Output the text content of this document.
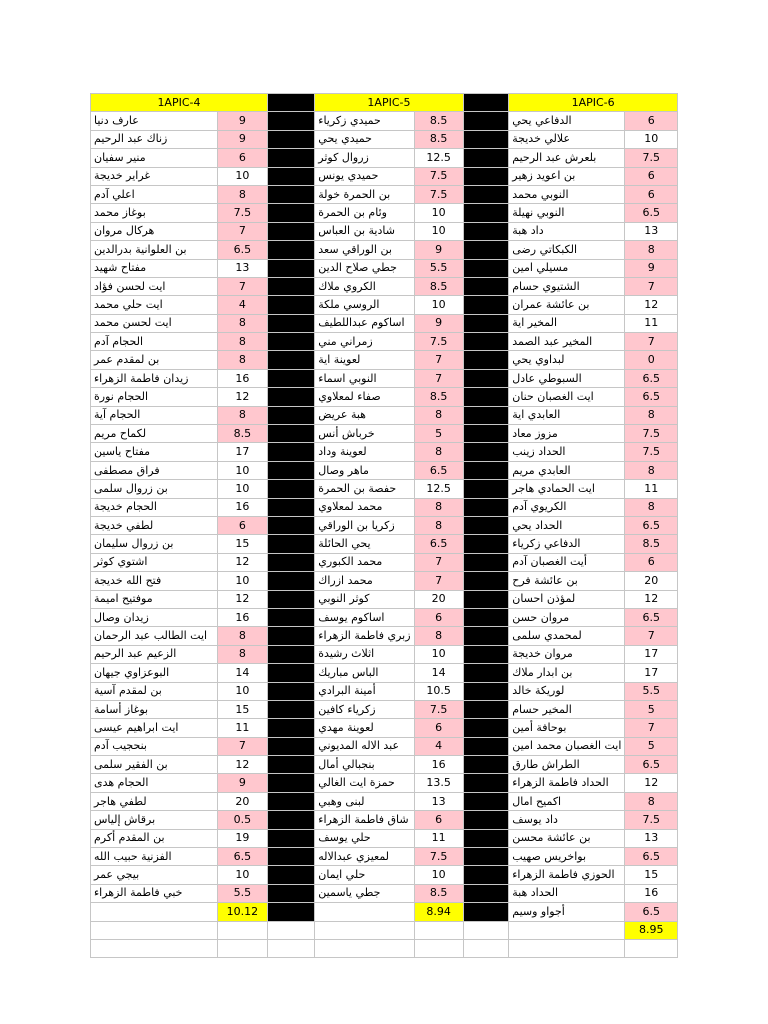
1APIC-4			1APIC-5			1APIC-6	
عارف دنيا	9		حميدي زكرياء	8.5		الدفاعي يحي	6
زناك عبد الرحيم	9		حميدي يحي	8.5		علالي خديجة	10
منير سفيان	6		زروال كوثر	12.5		بلعرش عبد الرحيم	7.5
غراير خديجة	10		حميدي يونس	7.5		بن اعويد زهير	6
اعلي آدم	8		بن الحمرة خولة	7.5		النوبي محمد	6
بوغاز محمد	7.5		وئام بن الحمرة	10		النوبي نهيلة	6.5
هركال مروان	7		شادية بن العباس	10		داد هبة	13
بن العلوانية بدرالدين	6.5		بن الوراقي سعد	9		الكبكاتي رضى	8
مفتاح شهيد	13		جطي صلاح الدين	5.5		مسيلي امين	9
ايت لحسن فؤاد	7		الكروي ملاك	8.5		الشتيوي حسام	7
ايت حلي محمد	4		الروسي ملكة	10		بن عائشة عمران	12
ايت لحسن محمد	8		اساكوم عبداللطيف	9		المخير اية	11
الحجام آدم	8		زمراني مني	7.5		المخير عبد الصمد	7
بن لمقدم عمر	8		لعوينة اية	7		لبداوي يحي	0
زيدان فاطمة الزهراء	16		النوبي اسماء	7		السبوطي عادل	6.5
الحجام نورة	12		صفاء لمعلاوي	8.5		ايت الغصبان حنان	6.5
الحجام آية	8		هبة عريض	8		العابدي اية	8
لكماح مريم	8.5		خرباش أنس	5		مزوز معاد	7.5
مفتاح ياسين	17		لعوينة وداد	8		الحداد زينب	7.5
فراق مصطفى	10		ماهر وصال	6.5		العابدي مريم	8
بن زروال سلمى	10		حفصة بن الحمرة	12.5		ايت الحمادي هاجر	11
الحجام خديجة	16		محمد لمعلاوي	8		الكريوي آدم	8
لطفي خديجة	6		زكريا بن الوراقي	8		الحداد يحي	6.5
بن زروال سليمان	15		يحي الحائلة	6.5		الدفاعي زكرياء	8.5
اشتوي كوثر	12		محمد الكبوري	7		أيت الغصبان آدم	6
فتح الله خديجة	10		محمد ازراك	7		بن عائشة فرح	20
موفتيح اميمة	12		كوثر النوبي	20		لمؤذن احسان	12
زيدان وصال	16		اساكوم يوسف	6		مروان حسن	6.5
ايت الطالب عبد الرحمان	8		زبري فاطمة الزهراء	8		لمحمدي سلمى	7
الزعيم عبد الرحيم	8		اثلاث رشيدة	10		مروان خديجة	17
البوعزاوي جيهان	14		الباس مباريك	14		بن ابدار ملاك	17
بن لمقدم آسية	10		أمينة البرادي	10.5		لوريكة خالد	5.5
بوغاز أسامة	15		زكرياء كافين	7.5		المخير حسام	5
ايت ابراهيم عيسى	11		لعوينة مهدي	6		بوحافة أمين	7
بنحجيب آدم	7		عبد الاله المديوني	4		ايت الغصبان محمد امين	5
بن الفقير سلمى	12		بنجبالي أمال	16		الطراش طارق	6.5
الحجام هدى	9		حمزة ايت الغالي	13.5		الحداد فاطمة الزهراء	12
لطفي هاجر	20		لبنى وهبي	13		اكميح امال	8
برقاش إلياس	0.5		شاق فاطمة الزهراء	6		داد يوسف	7.5
بن المقدم أكرم	19		حلي يوسف	11		بن عائشة محسن	13
الفزنية حبيب الله	6.5		لمعيزي عبدالاله	7.5		بواخريس صهيب	6.5
بيجي عمر	10		حلي ايمان	10		الحوزي فاطمة الزهراء	15
خبي فاطمة الزهراء	5.5		جطي ياسمين	8.5		الحداد هبة	16
	10.12			8.94		أجواو وسيم	6.5
							8.95
